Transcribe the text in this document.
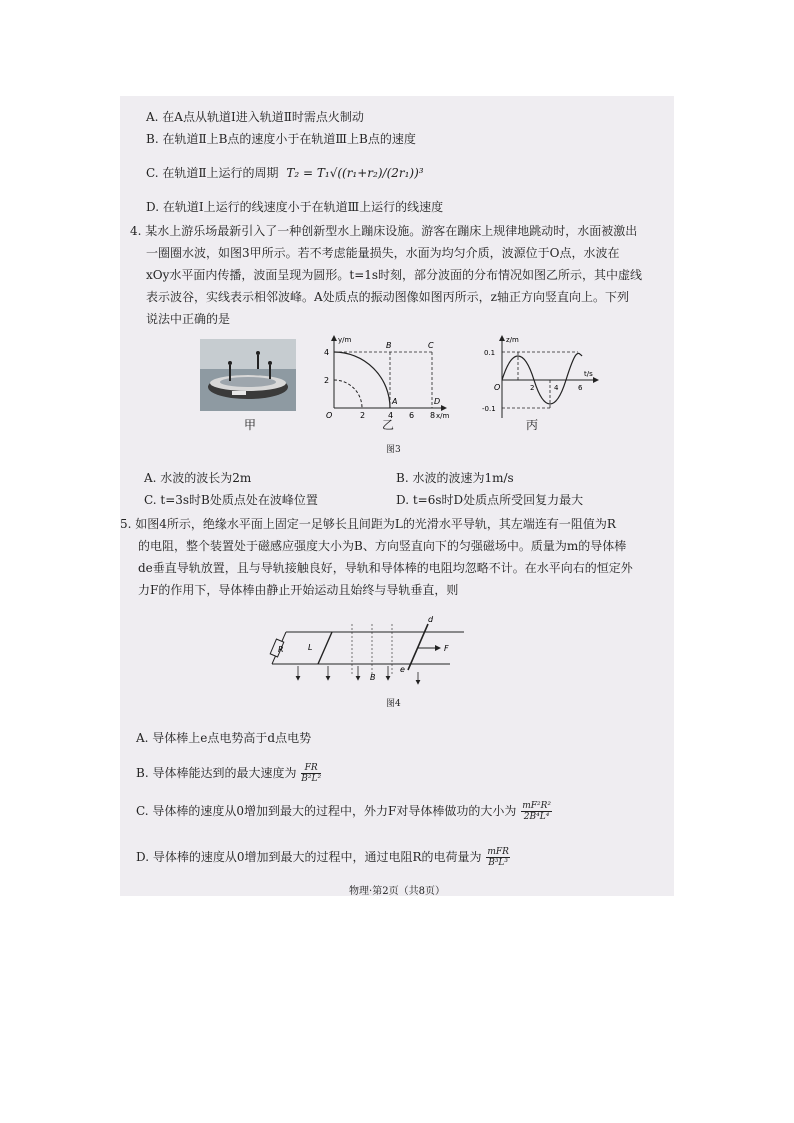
A. 在A点从轨道Ⅰ进入轨道Ⅱ时需点火制动
B. 在轨道Ⅱ上B点的速度小于在轨道Ⅲ上B点的速度
C. 在轨道Ⅱ上运行的周期 T₂ = T₁√((r₁+r₂)/(2r₁))³
D. 在轨道Ⅰ上运行的线速度小于在轨道Ⅲ上运行的线速度
4. 某水上游乐场最新引入了一种创新型水上蹦床设施。游客在蹦床上规律地跳动时，水面被激出
一圈圈水波，如图3甲所示。若不考虑能量损失，水面为均匀介质，波源位于O点，水波在
xOy水平面内传播，波面呈现为圆形。t=1s时刻，部分波面的分布情况如图乙所示，其中虚线
表示波谷，实线表示相邻波峰。A处质点的振动图像如图丙所示，z轴正方向竖直向上。下列
说法中正确的是
甲
y/m
4
2
O	2	4 6 8 x/m
B	C
A	D
乙
z/m
0.1
-0.1
O	2	4	6
t/s
丙
图3
A. 水波的波长为2m	B. 水波的波速为1m/s
C. t=3s时B处质点处在波峰位置	D. t=6s时D处质点所受回复力最大
5. 如图4所示，绝缘水平面上固定一足够长且间距为L的光滑水平导轨，其左端连有一阻值为R
的电阻，整个装置处于磁感应强度大小为B、方向竖直向下的匀强磁场中。质量为m的导体棒
de垂直导轨放置，且与导轨接触良好，导轨和导体棒的电阻均忽略不计。在水平向右的恒定外
力F的作用下，导体棒由静止开始运动且始终与导轨垂直，则
R	L
B
d
e
F
图4
A. 导体棒上e点电势高于d点电势
B. 导体棒能达到的最大速度为 $\frac{FR}{\text{B²L²}}$
C. 导体棒的速度从0增加到最大的过程中，外力F对导体棒做功的大小为 $\frac{\text{mF²R²}}{\text{2B⁴L⁴}}$
D. 导体棒的速度从0增加到最大的过程中，通过电阻R的电荷量为 $\frac{\text{mFR}}{\text{B³L³}}$
物理·第2页（共8页）
